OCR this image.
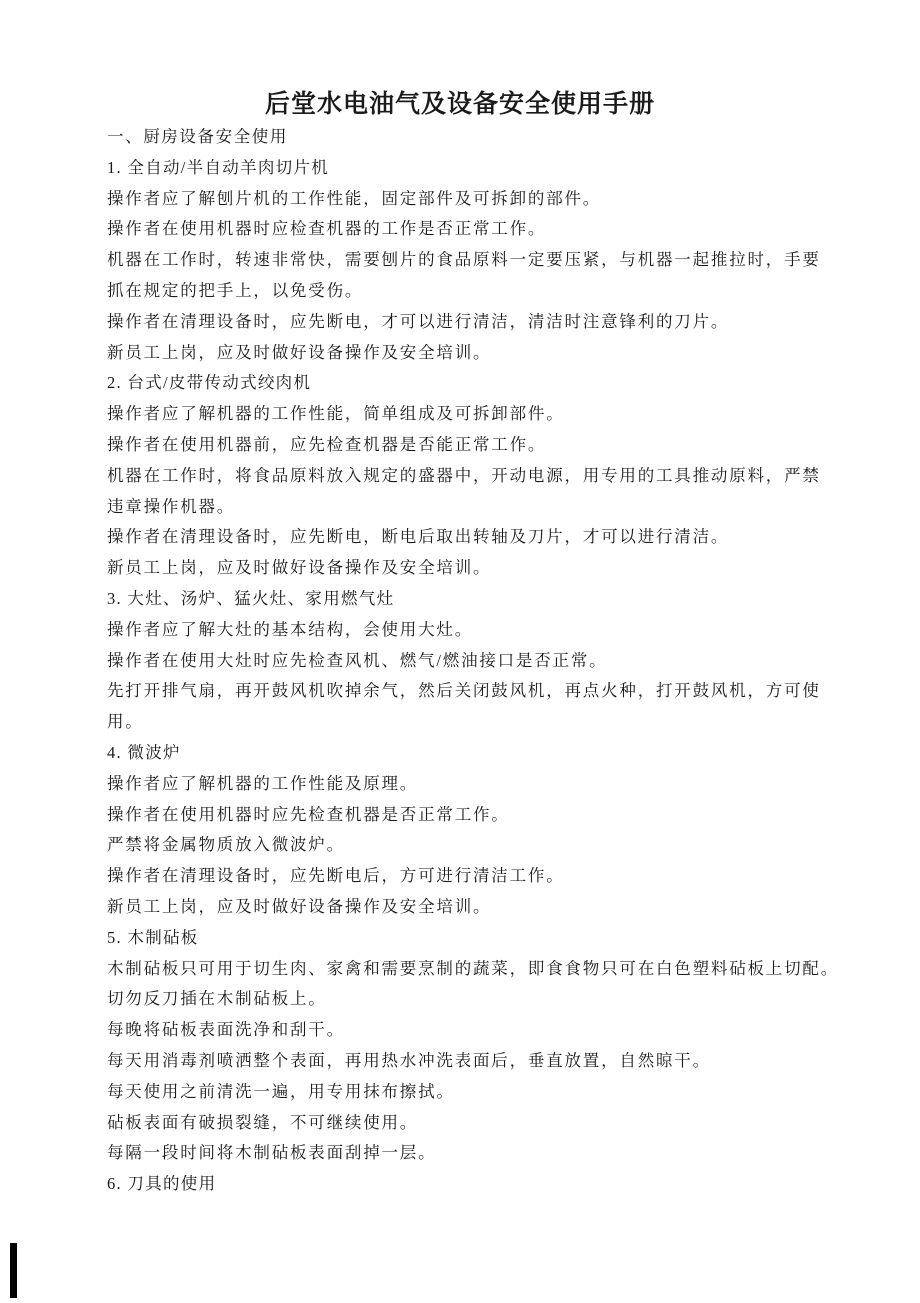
后堂水电油气及设备安全使用手册
一、厨房设备安全使用
1. 全自动/半自动羊肉切片机
操作者应了解刨片机的工作性能，固定部件及可拆卸的部件。
操作者在使用机器时应检查机器的工作是否正常工作。
机器在工作时，转速非常快，需要刨片的食品原料一定要压紧，与机器一起推拉时，手要
抓在规定的把手上，以免受伤。
操作者在清理设备时，应先断电，才可以进行清洁，清洁时注意锋利的刀片。
新员工上岗，应及时做好设备操作及安全培训。
2. 台式/皮带传动式绞肉机
操作者应了解机器的工作性能，简单组成及可拆卸部件。
操作者在使用机器前，应先检查机器是否能正常工作。
机器在工作时，将食品原料放入规定的盛器中，开动电源，用专用的工具推动原料，严禁
违章操作机器。
操作者在清理设备时，应先断电，断电后取出转轴及刀片，才可以进行清洁。
新员工上岗，应及时做好设备操作及安全培训。
3. 大灶、汤炉、猛火灶、家用燃气灶
操作者应了解大灶的基本结构，会使用大灶。
操作者在使用大灶时应先检查风机、燃气/燃油接口是否正常。
先打开排气扇，再开鼓风机吹掉余气，然后关闭鼓风机，再点火种，打开鼓风机，方可使
用。
4. 微波炉
操作者应了解机器的工作性能及原理。
操作者在使用机器时应先检查机器是否正常工作。
严禁将金属物质放入微波炉。
操作者在清理设备时，应先断电后，方可进行清洁工作。
新员工上岗，应及时做好设备操作及安全培训。
5. 木制砧板
木制砧板只可用于切生肉、家禽和需要烹制的蔬菜，即食食物只可在白色塑料砧板上切配。
切勿反刀插在木制砧板上。
每晚将砧板表面洗净和刮干。
每天用消毒剂喷洒整个表面，再用热水冲洗表面后，垂直放置，自然晾干。
每天使用之前清洗一遍，用专用抹布擦拭。
砧板表面有破损裂缝，不可继续使用。
每隔一段时间将木制砧板表面刮掉一层。
6. 刀具的使用
